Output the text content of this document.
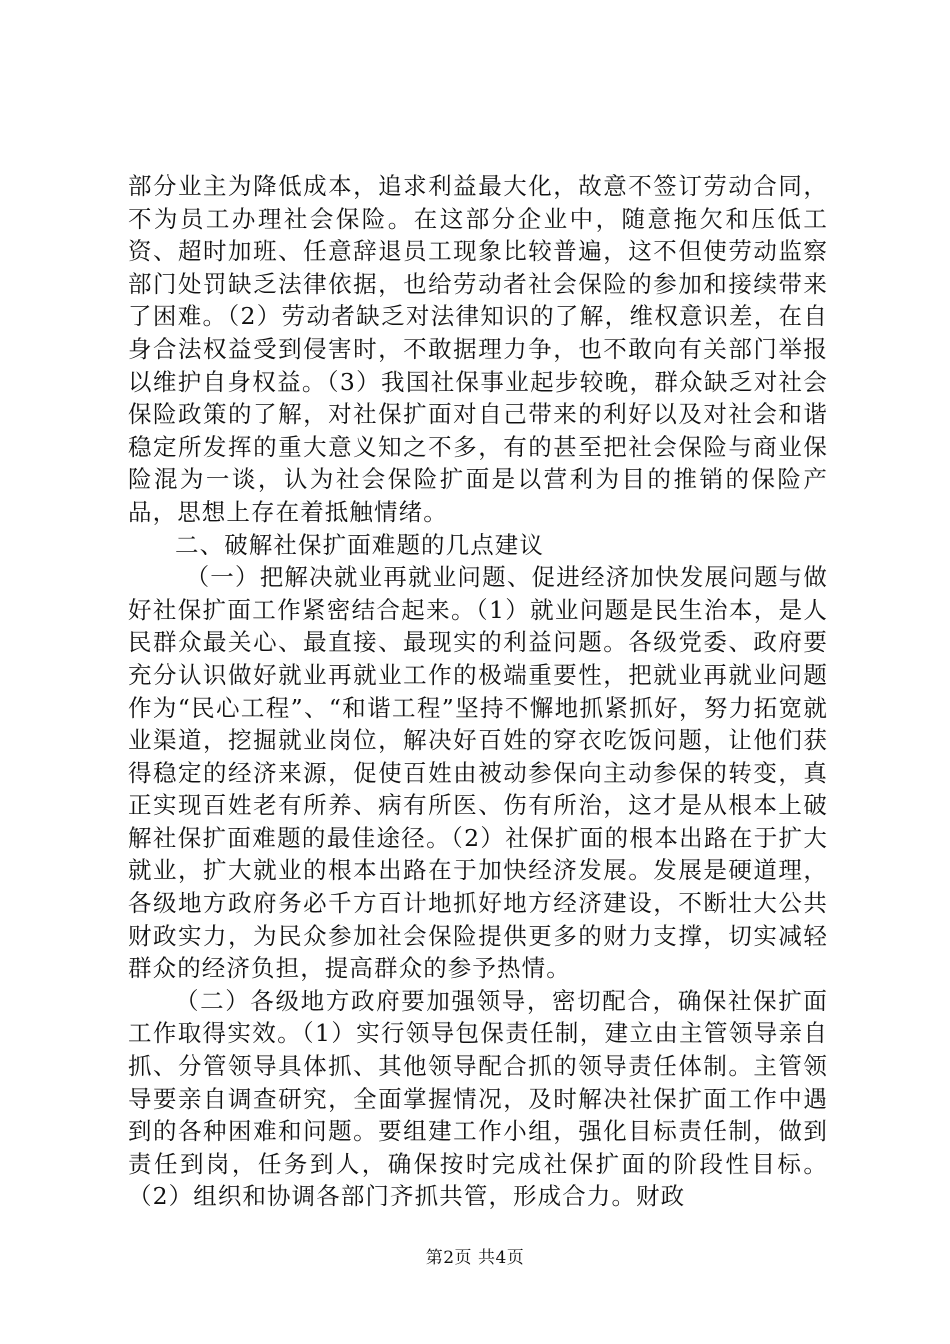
部分业主为降低成本，追求利益最大化，故意不签订劳动合同，不为员工办理社会保险。在这部分企业中，随意拖欠和压低工资、超时加班、任意辞退员工现象比较普遍，这不但使劳动监察部门处罚缺乏法律依据，也给劳动者社会保险的参加和接续带来了困难。（2）劳动者缺乏对法律知识的了解，维权意识差，在自身合法权益受到侵害时，不敢据理力争，也不敢向有关部门举报以维护自身权益。（3）我国社保事业起步较晚，群众缺乏对社会保险政策的了解，对社保扩面对自己带来的利好以及对社会和谐稳定所发挥的重大意义知之不多，有的甚至把社会保险与商业保险混为一谈，认为社会保险扩面是以营利为目的推销的保险产品，思想上存在着抵触情绪。

二、破解社保扩面难题的几点建议

（一）把解决就业再就业问题、促进经济加快发展问题与做好社保扩面工作紧密结合起来。（1）就业问题是民生治本，是人民群众最关心、最直接、最现实的利益问题。各级党委、政府要充分认识做好就业再就业工作的极端重要性，把就业再就业问题作为“民心工程”、“和谐工程”坚持不懈地抓紧抓好，努力拓宽就业渠道，挖掘就业岗位，解决好百姓的穿衣吃饭问题，让他们获得稳定的经济来源，促使百姓由被动参保向主动参保的转变，真正实现百姓老有所养、病有所医、伤有所治，这才是从根本上破解社保扩面难题的最佳途径。（2）社保扩面的根本出路在于扩大就业，扩大就业的根本出路在于加快经济发展。发展是硬道理，各级地方政府务必千方百计地抓好地方经济建设，不断壮大公共财政实力，为民众参加社会保险提供更多的财力支撑，切实减轻群众的经济负担，提高群众的参予热情。

（二）各级地方政府要加强领导，密切配合，确保社保扩面工作取得实效。（1）实行领导包保责任制，建立由主管领导亲自抓、分管领导具体抓、其他领导配合抓的领导责任体制。主管领导要亲自调查研究，全面掌握情况，及时解决社保扩面工作中遇到的各种困难和问题。要组建工作小组，强化目标责任制，做到责任到岗，任务到人，确保按时完成社保扩面的阶段性目标。（2）组织和协调各部门齐抓共管，形成合力。财政

第2页 共4页
